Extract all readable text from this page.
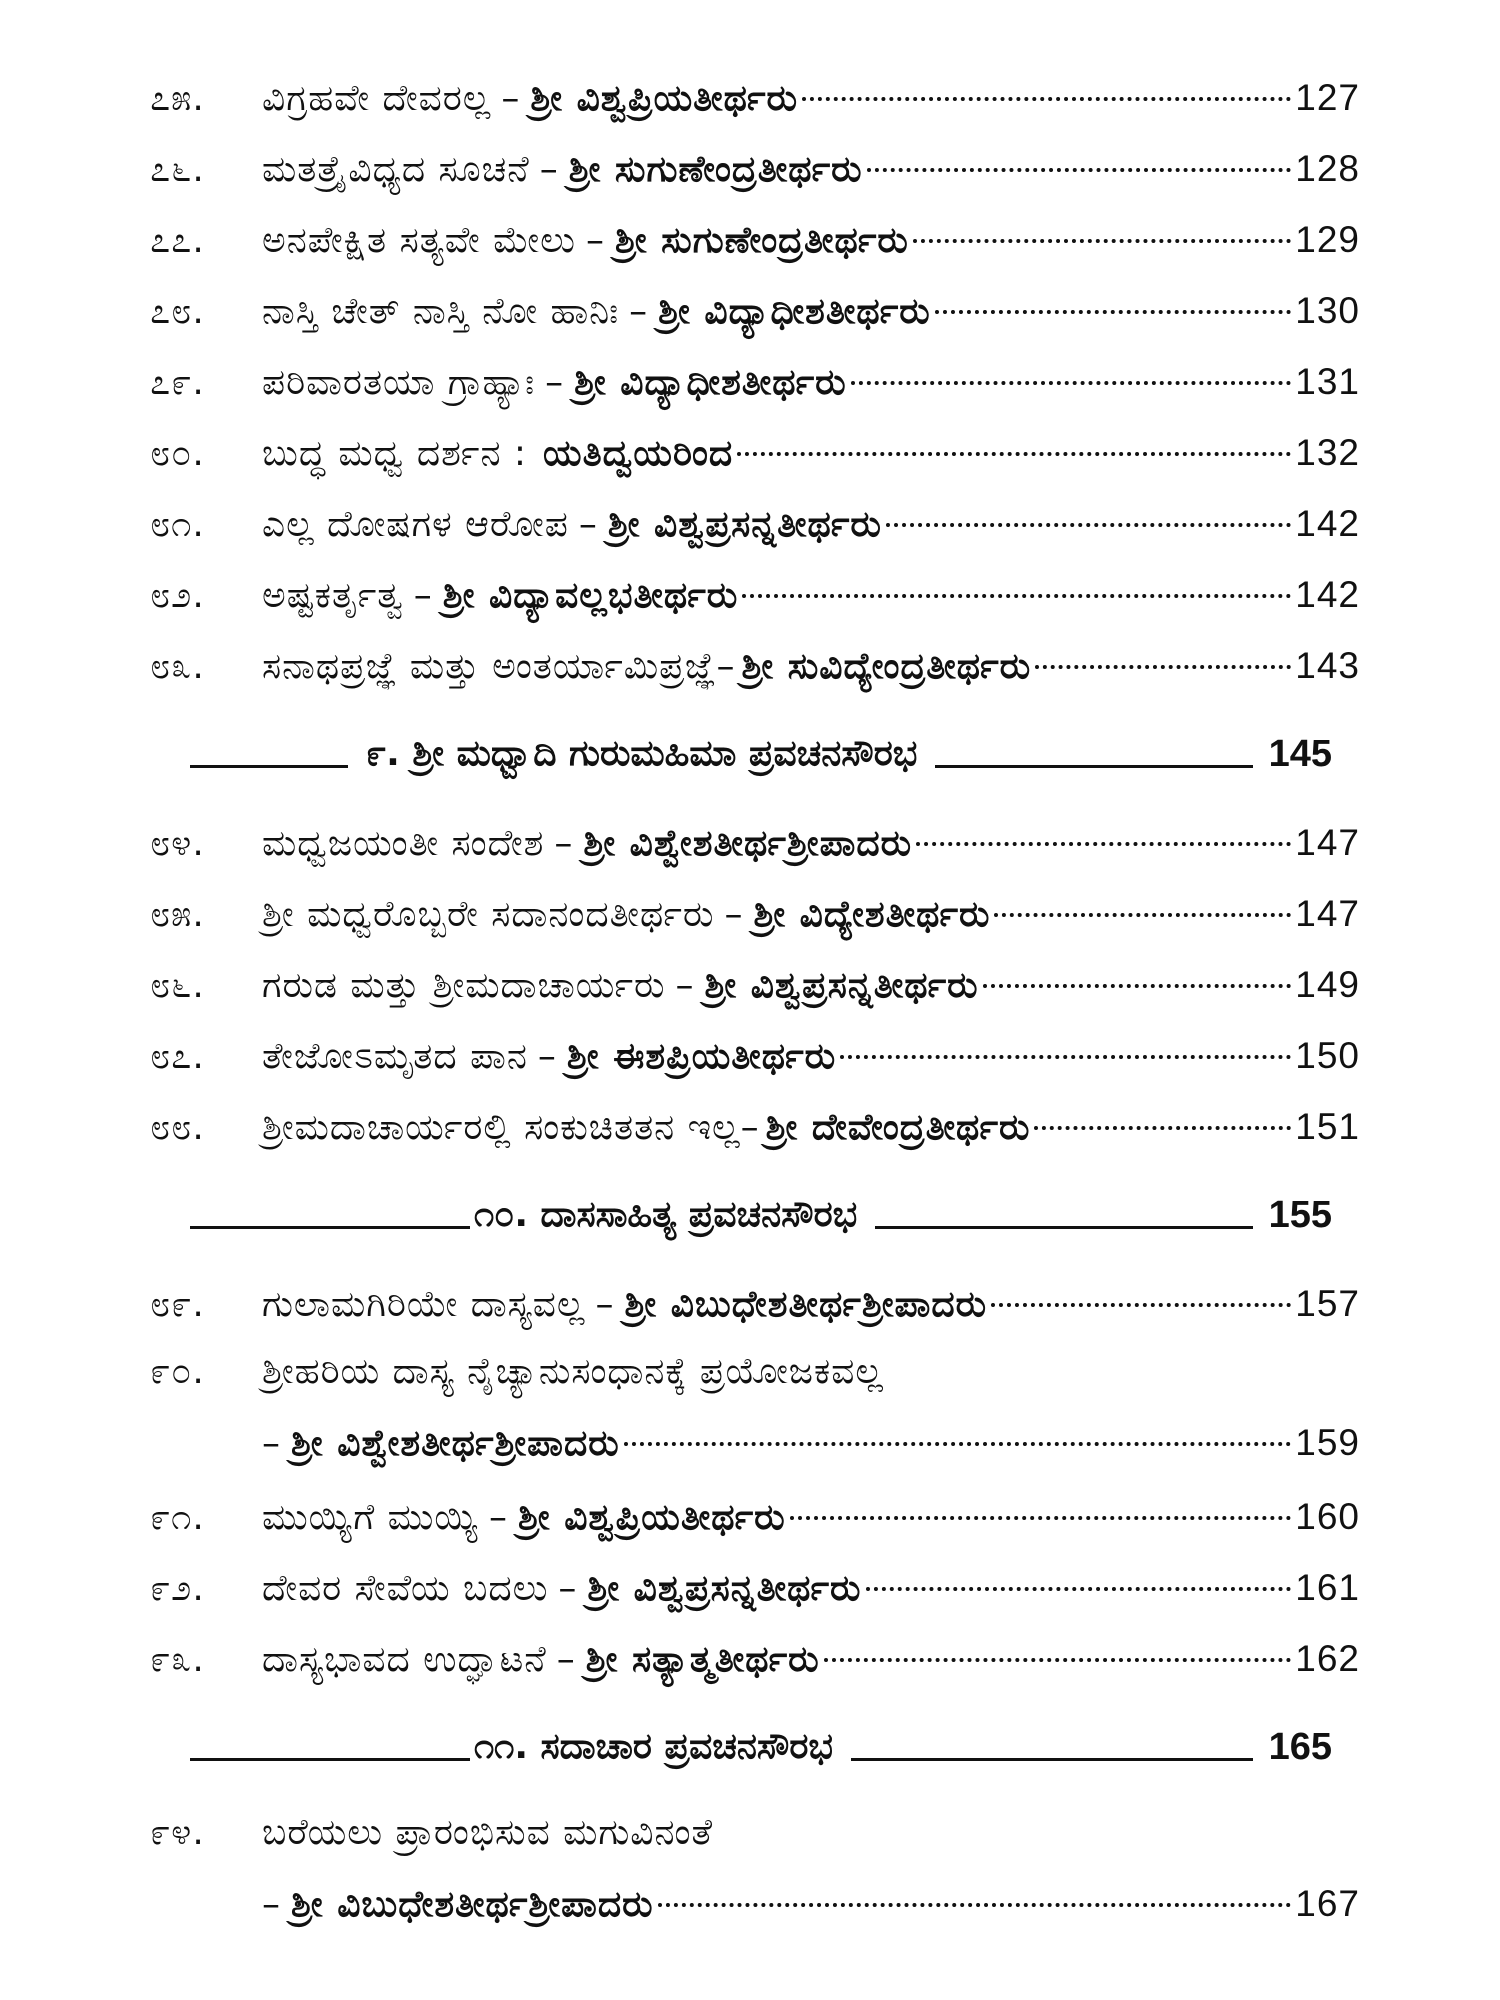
೭೫.	ವಿಗ್ರಹವೇ ದೇವರಲ್ಲ – ಶ್ರೀ ವಿಶ್ವಪ್ರಿಯತೀರ್ಥರು	127
೭೬.	ಮತತ್ರೈವಿಧ್ಯದ ಸೂಚನೆ – ಶ್ರೀ ಸುಗುಣೇಂದ್ರತೀರ್ಥರು	128
೭೭.	ಅನಪೇಕ್ಷಿತ ಸತ್ಯವೇ ಮೇಲು – ಶ್ರೀ ಸುಗುಣೇಂದ್ರತೀರ್ಥರು	129
೭೮.	ನಾಸ್ತಿ ಚೇತ್ ನಾಸ್ತಿ ನೋ ಹಾನಿಃ – ಶ್ರೀ ವಿದ್ಯಾಧೀಶತೀರ್ಥರು	130
೭೯.	ಪರಿವಾರತಯಾ ಗ್ರಾಹ್ಯಾಃ – ಶ್ರೀ ವಿದ್ಯಾಧೀಶತೀರ್ಥರು	131
೮೦.	ಬುದ್ಧ ಮಧ್ವ ದರ್ಶನ : ಯತಿದ್ವಯರಿಂದ	132
೮೧.	ಎಲ್ಲ ದೋಷಗಳ ಆರೋಪ – ಶ್ರೀ ವಿಶ್ವಪ್ರಸನ್ನತೀರ್ಥರು	142
೮೨.	ಅಷ್ಟಕರ್ತೃತ್ವ – ಶ್ರೀ ವಿದ್ಯಾವಲ್ಲಭತೀರ್ಥರು	142
೮೩.	ಸನಾಥಪ್ರಜ್ಞೆ ಮತ್ತು ಅಂತರ್ಯಾಮಿಪ್ರಜ್ಞೆ– ಶ್ರೀ ಸುವಿದ್ಯೇಂದ್ರತೀರ್ಥರು	143
೯. ಶ್ರೀ ಮಧ್ವಾದಿ ಗುರುಮಹಿಮಾ ಪ್ರವಚನಸೌರಭ	145
೮೪.	ಮಧ್ವಜಯಂತೀ ಸಂದೇಶ – ಶ್ರೀ ವಿಶ್ವೇಶತೀರ್ಥಶ್ರೀಪಾದರು	147
೮೫.	ಶ್ರೀ ಮಧ್ವರೊಬ್ಬರೇ ಸದಾನಂದತೀರ್ಥರು – ಶ್ರೀ ವಿದ್ಯೇಶತೀರ್ಥರು	147
೮೬.	ಗರುಡ ಮತ್ತು ಶ್ರೀಮದಾಚಾರ್ಯರು – ಶ್ರೀ ವಿಶ್ವಪ್ರಸನ್ನತೀರ್ಥರು	149
೮೭.	ತೇಜೋಽಮೃತದ ಪಾನ – ಶ್ರೀ ಈಶಪ್ರಿಯತೀರ್ಥರು	150
೮೮.	ಶ್ರೀಮದಾಚಾರ್ಯರಲ್ಲಿ ಸಂಕುಚಿತತನ ಇಲ್ಲ– ಶ್ರೀ ದೇವೇಂದ್ರತೀರ್ಥರು	151
೧೦. ದಾಸಸಾಹಿತ್ಯ ಪ್ರವಚನಸೌರಭ	155
೮೯.	ಗುಲಾಮಗಿರಿಯೇ ದಾಸ್ಯವಲ್ಲ – ಶ್ರೀ ವಿಬುಧೇಶತೀರ್ಥಶ್ರೀಪಾದರು	157
೯೦.	ಶ್ರೀಹರಿಯ ದಾಸ್ಯ ನೈಚ್ಯಾನುಸಂಧಾನಕ್ಕೆ ಪ್ರಯೋಜಕವಲ್ಲ
– ಶ್ರೀ ವಿಶ್ವೇಶತೀರ್ಥಶ್ರೀಪಾದರು	159
೯೧.	ಮುಯ್ಯಿಗೆ ಮುಯ್ಯಿ – ಶ್ರೀ ವಿಶ್ವಪ್ರಿಯತೀರ್ಥರು	160
೯೨.	ದೇವರ ಸೇವೆಯ ಬದಲು – ಶ್ರೀ ವಿಶ್ವಪ್ರಸನ್ನತೀರ್ಥರು	161
೯೩.	ದಾಸ್ಯಭಾವದ ಉದ್ಘಾಟನೆ – ಶ್ರೀ ಸತ್ಯಾತ್ಮತೀರ್ಥರು	162
೧೧. ಸದಾಚಾರ ಪ್ರವಚನಸೌರಭ	165
೯೪.	ಬರೆಯಲು ಪ್ರಾರಂಭಿಸುವ ಮಗುವಿನಂತೆ
– ಶ್ರೀ ವಿಬುಧೇಶತೀರ್ಥಶ್ರೀಪಾದರು	167
